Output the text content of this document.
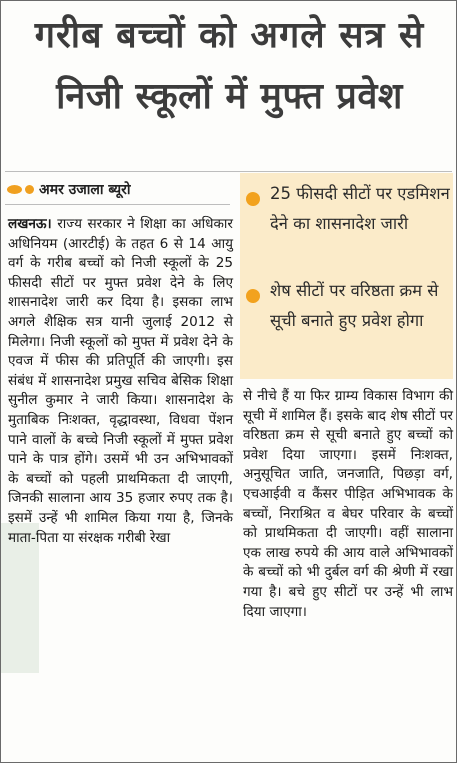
गरीब बच्चों को अगले सत्र से
निजी स्कूलों में मुफ्त प्रवेश
अमर उजाला ब्यूरो	25 फीसदी सीटों पर एडमिशन देने का शासनादेश जारी
शेष सीटों पर वरिष्ठता क्रम से सूची बनाते हुए प्रवेश होगा
लखनऊ। राज्य सरकार ने शिक्षा का अधिकार अधिनियम (आरटीई) के तहत 6 से 14 आयु वर्ग के गरीब बच्चों को निजी स्कूलों के 25 फीसदी सीटों पर मुफ्त प्रवेश देने के लिए शासनादेश जारी कर दिया है। इसका लाभ अगले शैक्षिक सत्र यानी जुलाई 2012 से मिलेगा। निजी स्कूलों को मुफ्त में प्रवेश देने के एवज में फीस की प्रतिपूर्ति की जाएगी। इस संबंध में शासनादेश प्रमुख सचिव बेसिक शिक्षा सुनील कुमार ने जारी किया। शासनादेश के मुताबिक निःशक्त, वृद्धावस्था, विधवा पेंशन पाने वालों के बच्चे निजी स्कूलों में मुफ्त प्रवेश पाने के पात्र होंगे। उसमें भी उन अभिभावकों के बच्चों को पहली प्राथमिकता दी जाएगी, जिनकी सालाना आय 35 हजार रुपए तक है। इसमें उन्हें भी शामिल किया गया है, जिनके माता-पिता या संरक्षक गरीबी रेखा
से नीचे हैं या फिर ग्राम्य विकास विभाग की सूची में शामिल हैं। इसके बाद शेष सीटों पर वरिष्ठता क्रम से सूची बनाते हुए बच्चों को प्रवेश दिया जाएगा। इसमें निःशक्त, अनुसूचित जाति, जनजाति, पिछड़ा वर्ग, एचआईवी व कैंसर पीड़ित अभिभावक के बच्चों, निराश्रित व बेघर परिवार के बच्चों को प्राथमिकता दी जाएगी। वहीं सालाना एक लाख रुपये की आय वाले अभिभावकों के बच्चों को भी दुर्बल वर्ग की श्रेणी में रखा गया है। बचे हुए सीटों पर उन्हें भी लाभ दिया जाएगा।
